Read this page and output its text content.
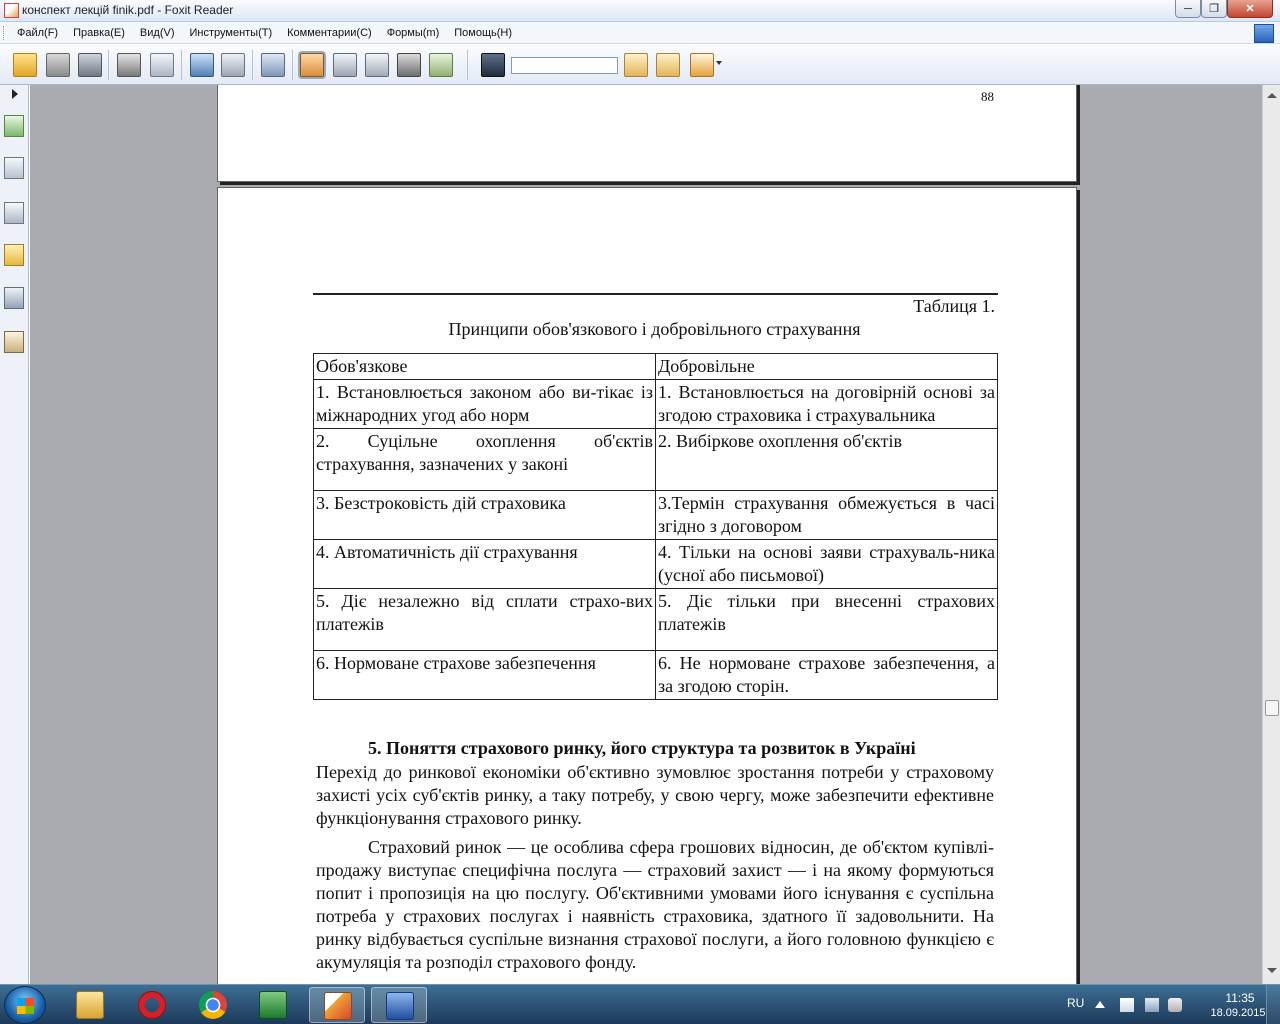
конспект лекцій finik.pdf - Foxit Reader	─	❐	✕
Файл(F) Правка(E) Вид(V) Инструменты(T) Комментарии(C) Формы(m) Помощь(H)
88
Таблиця 1.
Принципи обов'язкового і добровільного страхування
Обов'язкове	Добровільне
1. Встановлюється законом або ви-тікає із міжнародних угод або норм	1. Встановлюється на договірній основі за згодою страховика і страхувальника
2. Суцільне охоплення об'єктів страхування, зазначених у законі	2. Вибіркове охоплення об'єктів
3. Безстроковість дій страховика	3.Термін страхування обмежується в часі згідно з договором
4. Автоматичність дії страхування	4. Тільки на основі заяви страхуваль-ника (усної або письмової)
5. Діє незалежно від сплати страхо-вих платежів	5. Діє тільки при внесенні страхових платежів
6. Нормоване страхове забезпечення	6. Не нормоване страхове забезпечення, а за згодою сторін.
5. Поняття страхового ринку, його структура та розвиток в Україні

Перехід до ринкової економіки об'єктивно зумовлює зростання потреби у страховому захисті усіх суб'єктів ринку, а таку потребу, у свою чергу, може забезпечити ефективне функціонування страхового ринку.

Страховий ринок — це особлива сфера грошових відносин, де об'єктом купівлі-продажу виступає специфічна послуга — страховий захист — і на якому формуються попит і пропозиція на цю послугу. Об'єктивними умовами його існування є суспільна потреба у страхових послугах і наявність страховика, здатного її задовольнити. На ринку відбувається суспільне визнання страхової послуги, а його головною функцією є акумуляція та розподіл страхового фонду.

RU	11:35
18.09.2015
